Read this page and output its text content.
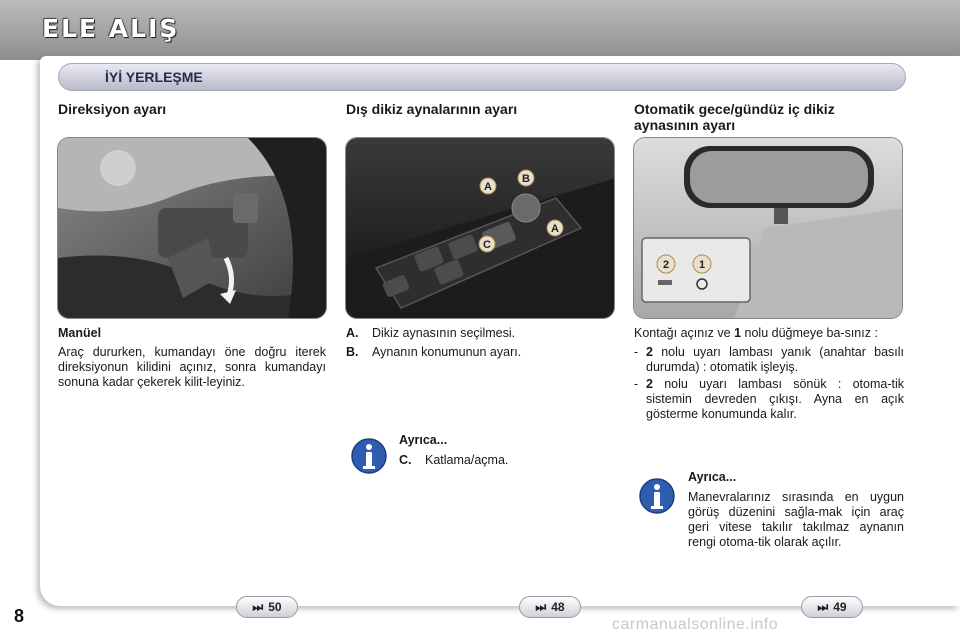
ELE ALIŞ
İYİ YERLEŞME
Direksiyon ayarı	Dış dikiz aynalarının ayarı	Otomatik gece/gündüz iç dikiz
aynasının ayarı
A
B
C
A
2	1
Manüel
Araç dururken, kumandayı öne doğru iterek direksiyonun kilidini açınız, sonra kumandayı sonuna kadar çekerek kilit-leyiniz.
A.	Dikiz aynasının seçilmesi.
B.	Aynanın konumunun ayarı.
Ayrıca...
C.	Katlama/açma.
Kontağı açınız ve 1 nolu düğmeye ba-sınız :
- 2 nolu uyarı lambası yanık (anahtar basılı durumda) : otomatik işleyiş.
- 2 nolu uyarı lambası sönük : otoma-tik sistemin devreden çıkışı. Ayna en açık gösterme konumunda kalır.
Ayrıca...
Manevralarınız sırasında en uygun görüş düzenini sağla-mak için araç geri vitese takılır takılmaz aynanın rengi otoma-tik olarak açılır.
⏭ 50	⏭ 48	⏭ 49
8	carmanualsonline.info
